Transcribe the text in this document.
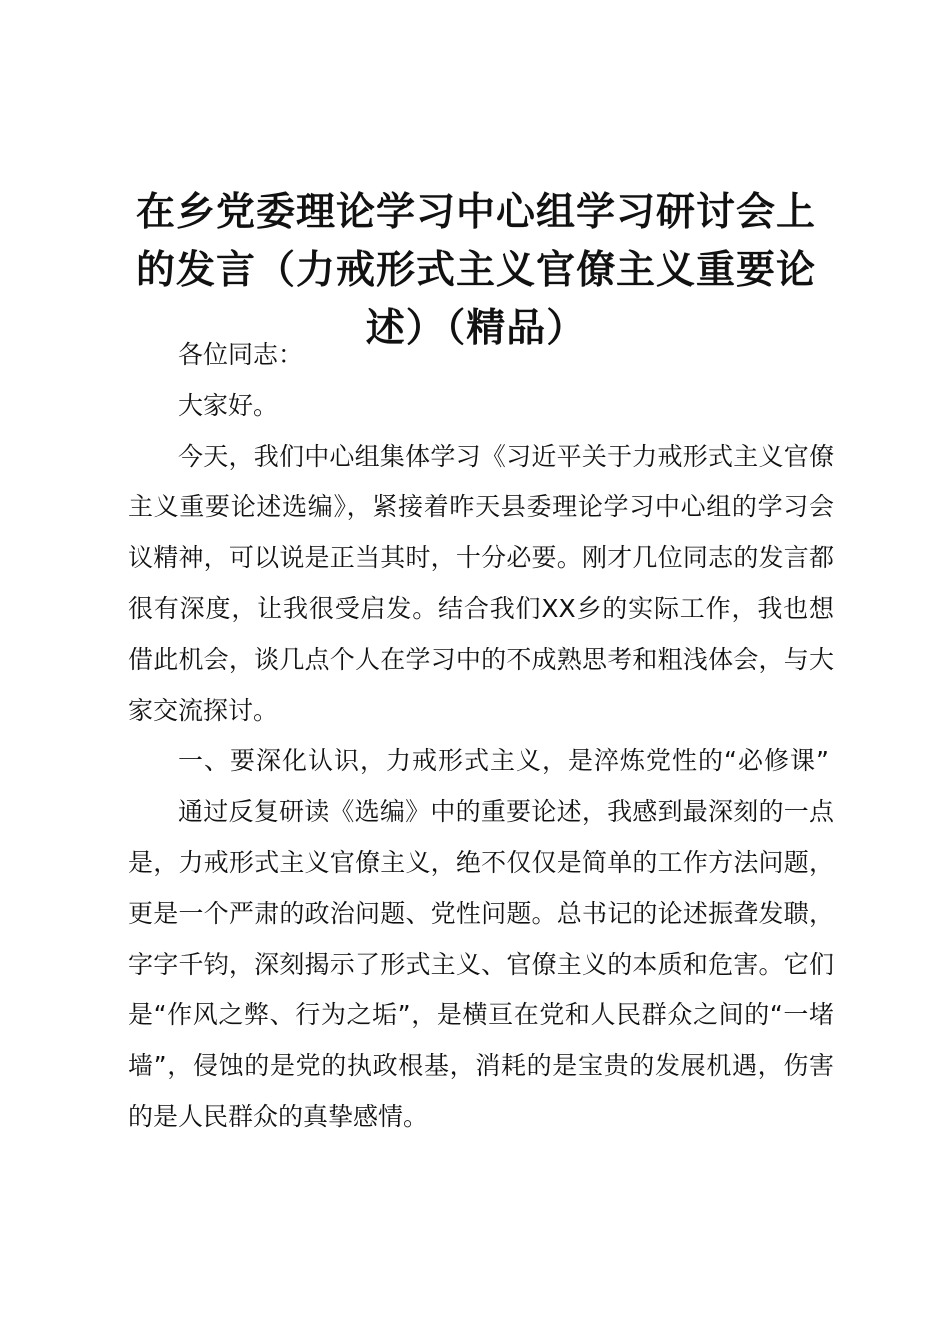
在乡党委理论学习中心组学习研讨会上的发言（力戒形式主义官僚主义重要论述）（精品）

各位同志：

大家好。

今天，我们中心组集体学习《习近平关于力戒形式主义官僚主义重要论述选编》，紧接着昨天县委理论学习中心组的学习会议精神，可以说是正当其时，十分必要。刚才几位同志的发言都很有深度，让我很受启发。结合我们XX乡的实际工作，我也想借此机会，谈几点个人在学习中的不成熟思考和粗浅体会，与大家交流探讨。

一、要深化认识，力戒形式主义，是淬炼党性的“必修课”

通过反复研读《选编》中的重要论述，我感到最深刻的一点是，力戒形式主义官僚主义，绝不仅仅是简单的工作方法问题，更是一个严肃的政治问题、党性问题。总书记的论述振聋发聩，字字千钧，深刻揭示了形式主义、官僚主义的本质和危害。它们是“作风之弊、行为之垢”，是横亘在党和人民群众之间的“一堵墙”，侵蚀的是党的执政根基，消耗的是宝贵的发展机遇，伤害的是人民群众的真挚感情。
